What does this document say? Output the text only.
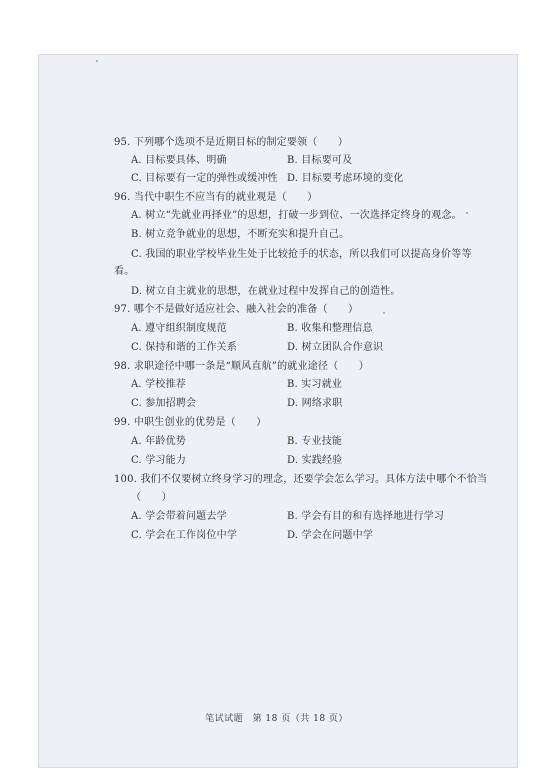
95. 下列哪个选项不是近期目标的制定要领（　　）
A. 目标要具体、明确	B. 目标要可及
C. 目标要有一定的弹性或缓冲性 D. 目标要考虑环境的变化
96. 当代中职生不应当有的就业观是（　　）
A. 树立“先就业再择业”的思想，打破一步到位、一次选择定终身的观念。
B. 树立竞争就业的思想，不断充实和提升自己。
C. 我国的职业学校毕业生处于比较抢手的状态，所以我们可以提高身价等等
看。
D. 树立自主就业的思想，在就业过程中发挥自己的创造性。
97. 哪个不是做好适应社会、融入社会的准备（　　）
A. 遵守组织制度规范	B. 收集和整理信息
C. 保持和谐的工作关系	D. 树立团队合作意识
98. 求职途径中哪一条是“顺风直航”的就业途径（　　）
A. 学校推荐	B. 实习就业
C. 参加招聘会	D. 网络求职
99. 中职生创业的优势是（　　）
A. 年龄优势	B. 专业技能
C. 学习能力	D. 实践经验
100. 我们不仅要树立终身学习的理念，还要学会怎么学习。具体方法中哪个不恰当
（　　）
A. 学会带着问题去学	B. 学会有目的和有选择地进行学习
C. 学会在工作岗位中学	D. 学会在问题中学
笔试试题　第 18 页（共 18 页）
